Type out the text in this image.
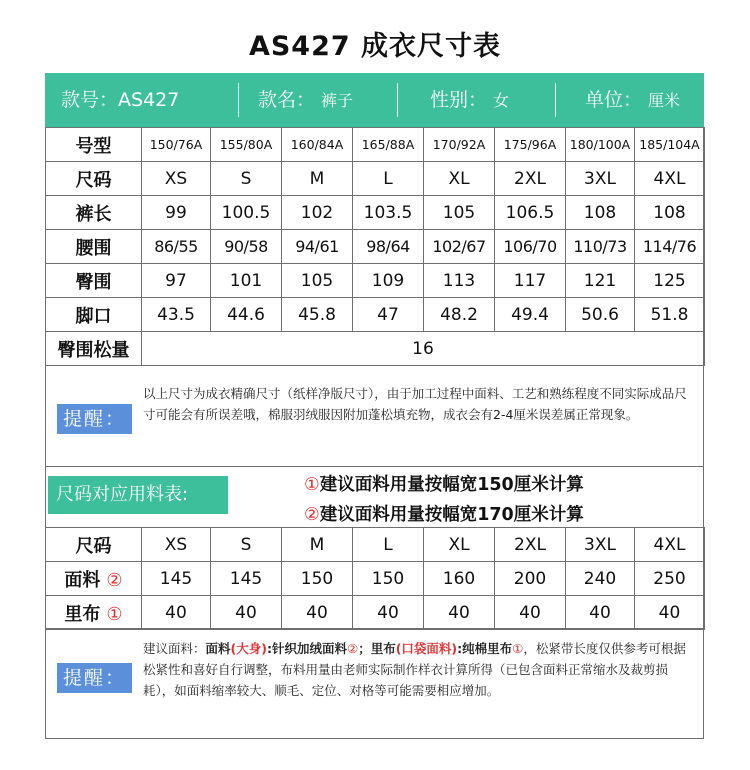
AS427 成衣尺寸表
款号：AS427	款名： 裤子	性别： 女	单位： 厘米
号型	150/76A	155/80A	160/84A	165/88A	170/92A	175/96A	180/100A	185/104A
尺码	XS	S	M	L	XL	2XL	3XL	4XL
裤长	99	100.5	102	103.5	105	106.5	108	108
腰围	86/55	90/58	94/61	98/64	102/67	106/70	110/73	114/76
臀围	97	101	105	109	113	117	121	125
脚口	43.5	44.6	45.8	47	48.2	49.4	50.6	51.8
臀围松量	16							
提醒：
以上尺寸为成衣精确尺寸（纸样净版尺寸），由于加工过程中面料、工艺和熟练程度不同实际成品尺寸可能会有所误差哦，棉服羽绒服因附加蓬松填充物，成衣会有2-4厘米误差属正常现象。
尺码对应用料表:	①建议面料用量按幅宽150厘米计算
②建议面料用量按幅宽170厘米计算
尺码	XS	S	M	L	XL	2XL	3XL	4XL
面料 ②	145	145	150	150	160	200	240	250
里布 ①	40	40	40	40	40	40	40	40
提醒：
建议面料：面料(大身):针织加绒面料②；里布(口袋面料):纯棉里布①，松紧带长度仅供参考可根据松紧性和喜好自行调整，布料用量由老师实际制作样衣计算所得（已包含面料正常缩水及裁剪损耗），如面料缩率较大、顺毛、定位、对格等可能需要相应增加。
